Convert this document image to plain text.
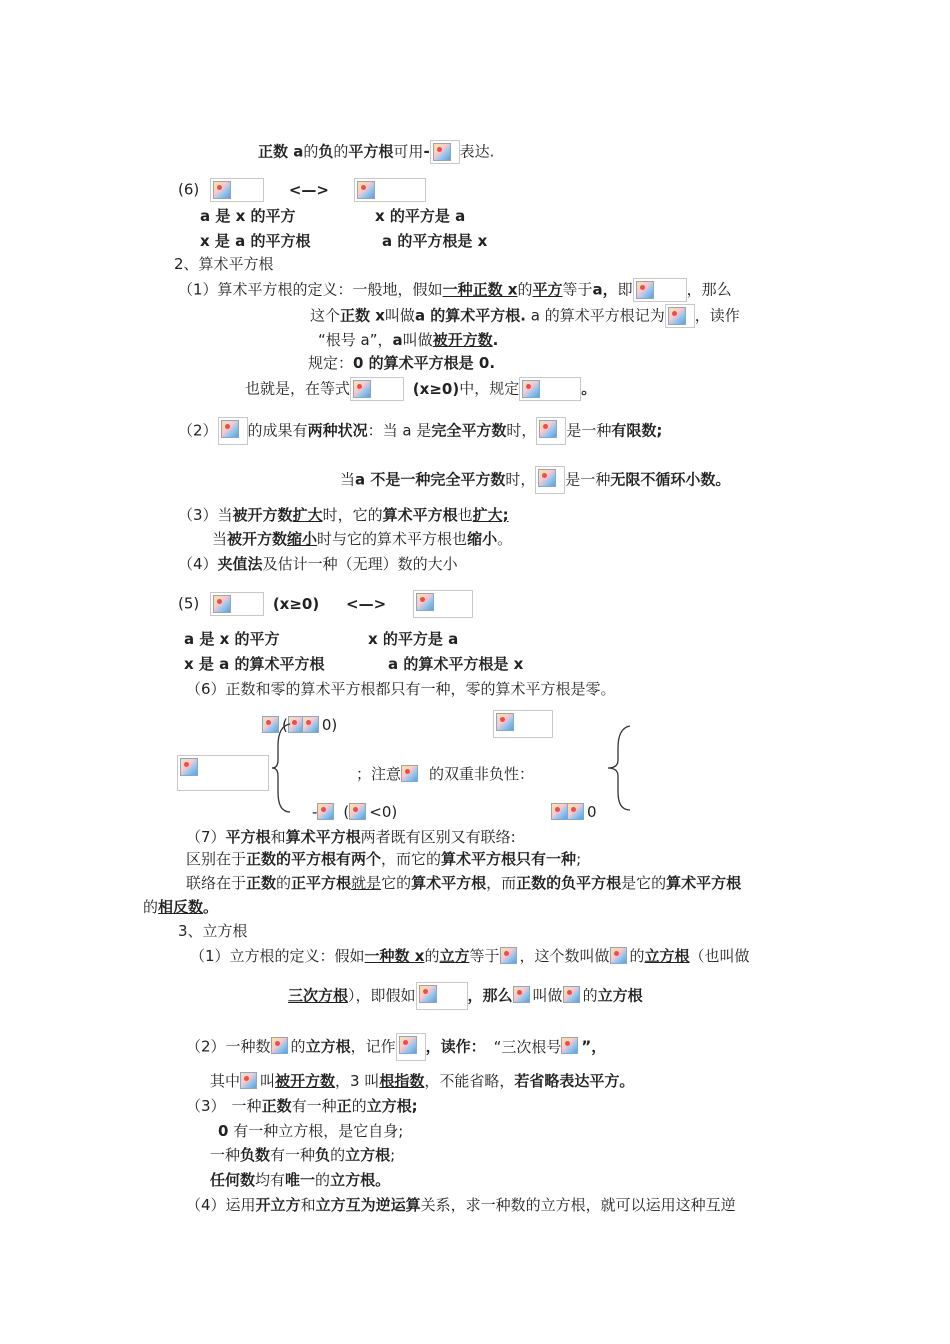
正数 a的负的平方根可用- 表达.
(6)	<—>
a 是 x 的平方	x 的平方是 a
x 是 a 的平方根	a 的平方根是 x
2、算术平方根
（1）算术平方根的定义：一般地，假如一种正数 x的平方等于a，即	，那么
这个正数 x叫做a 的算术平方根. a 的算术平方根记为 ，读作
“根号 a”，a叫做被开方数.
规定：0 的算术平方根是 0.
也就是，在等式	(x≥0)中，规定	。
（2） 的成果有两种状况：当 a 是完全平方数时， 是一种有限数;
当a 不是一种完全平方数时， 是一种无限不循环小数。
（3）当被开方数扩大时，它的算术平方根也扩大;
当被开方数缩小时与它的算术平方根也缩小。
（4）夹值法及估计一种（无理）数的大小
(5)	(x≥0) <—>
a 是 x 的平方	x 的平方是 a
x 是 a 的算术平方根	a 的算术平方根是 x
（6）正数和零的算术平方根都只有一种，零的算术平方根是零。
( 0)
；注意 的双重非负性：
- ( <0)	0
（7）平方根和算术平方根两者既有区别又有联络:
区别在于正数的平方根有两个，而它的算术平方根只有一种;
联络在于正数的正平方根就是它的算术平方根，而正数的负平方根是它的算术平方根
的相反数。
3、立方根
（1）立方根的定义：假如一种数 x的立方等于 ，这个数叫做 的立方根（也叫做
三次方根），即假如	，那么 叫做 的立方根
（2）一种数 的立方根，记作 ，读作： “三次根号 ”，
其中 叫被开方数，3 叫根指数，不能省略，若省略表达平方。
（3） 一种正数有一种正的立方根;
0 有一种立方根，是它自身;
一种负数有一种负的立方根;
任何数均有唯一的立方根。
（4）运用开立方和立方互为逆运算关系，求一种数的立方根，就可以运用这种互逆
